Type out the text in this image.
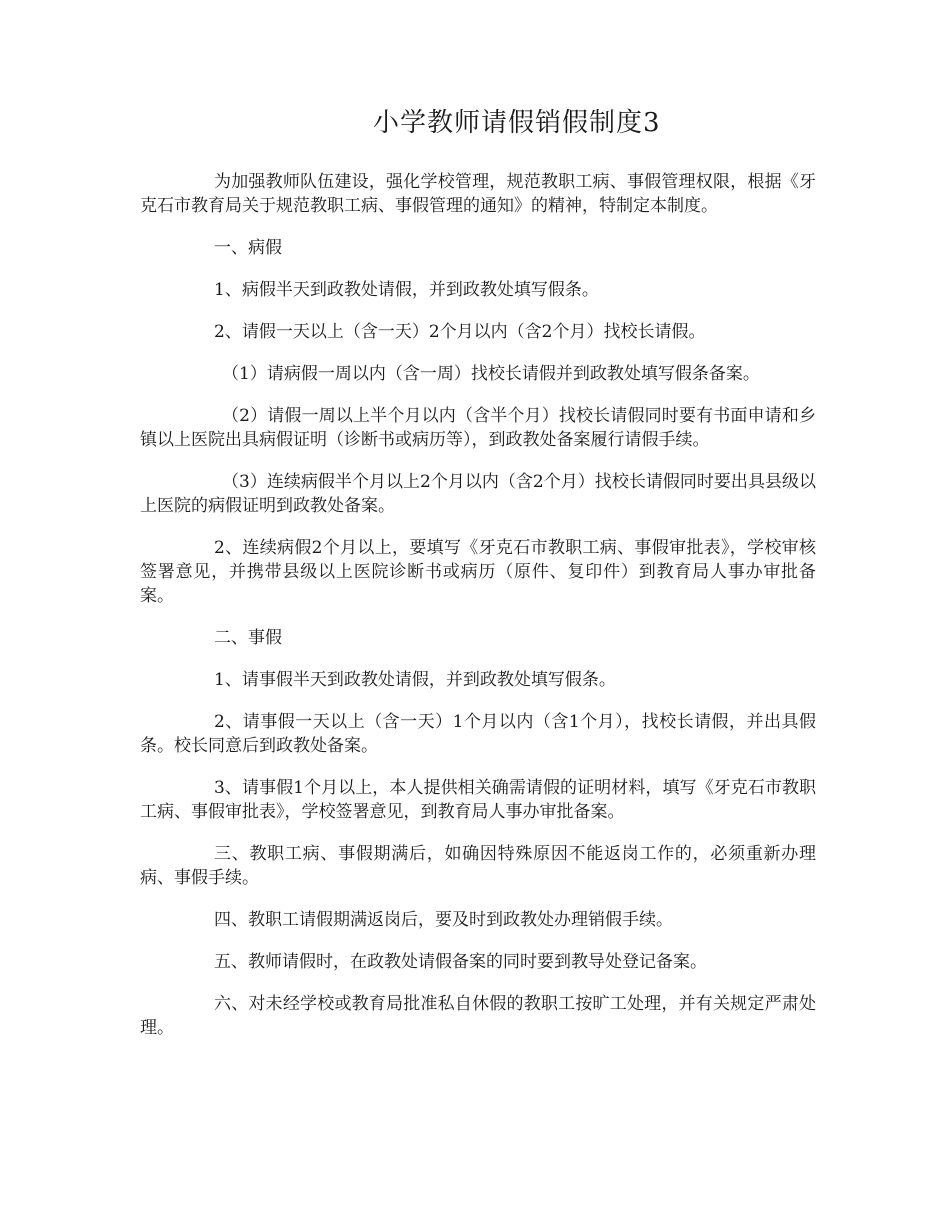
小学教师请假销假制度3

为加强教师队伍建设，强化学校管理，规范教职工病、事假管理权限，根据《牙克石市教育局关于规范教职工病、事假管理的通知》的精神，特制定本制度。

一、病假

1、病假半天到政教处请假，并到政教处填写假条。

2、请假一天以上（含一天）2个月以内（含2个月）找校长请假。

（1）请病假一周以内（含一周）找校长请假并到政教处填写假条备案。

（2）请假一周以上半个月以内（含半个月）找校长请假同时要有书面申请和乡镇以上医院出具病假证明（诊断书或病历等），到政教处备案履行请假手续。

（3）连续病假半个月以上2个月以内（含2个月）找校长请假同时要出具县级以上医院的病假证明到政教处备案。

2、连续病假2个月以上，要填写《牙克石市教职工病、事假审批表》，学校审核签署意见，并携带县级以上医院诊断书或病历（原件、复印件）到教育局人事办审批备案。

二、事假

1、请事假半天到政教处请假，并到政教处填写假条。

2、请事假一天以上（含一天）1个月以内（含1个月），找校长请假，并出具假条。校长同意后到政教处备案。

3、请事假1个月以上，本人提供相关确需请假的证明材料，填写《牙克石市教职工病、事假审批表》，学校签署意见，到教育局人事办审批备案。

三、教职工病、事假期满后，如确因特殊原因不能返岗工作的，必须重新办理病、事假手续。

四、教职工请假期满返岗后，要及时到政教处办理销假手续。

五、教师请假时，在政教处请假备案的同时要到教导处登记备案。

六、对未经学校或教育局批准私自休假的教职工按旷工处理，并有关规定严肃处理。
